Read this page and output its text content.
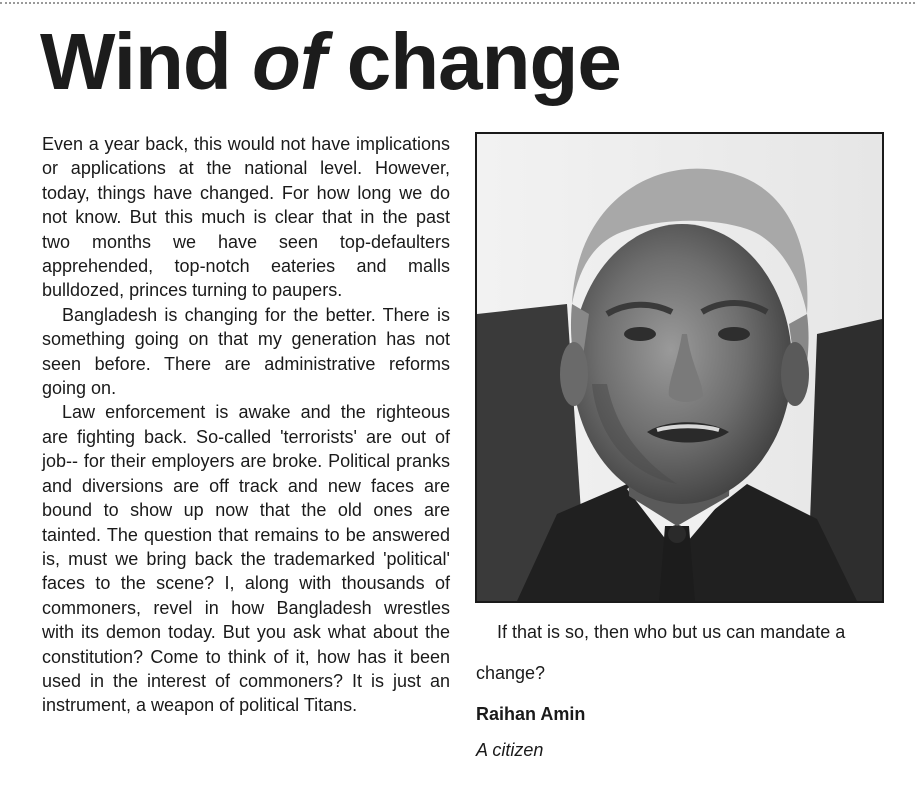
Wind of change

Even a year back, this would not have implications or applications at the national level. However, today, things have changed. For how long we do not know. But this much is clear that in the past two months we have seen top-defaulters apprehended, top-notch eateries and malls bulldozed, princes turning to paupers.

Bangladesh is changing for the better. There is something going on that my generation has not seen before. There are administrative reforms going on.

Law enforcement is awake and the righteous are fighting back. So-called 'terrorists' are out of job-- for their employers are broke. Political pranks and diversions are off track and new faces are bound to show up now that the old ones are tainted. The question that remains to be answered is, must we bring back the trademarked 'political' faces to the scene? I, along with thousands of commoners, revel in how Bangladesh wrestles with its demon today. But you ask what about the constitution? Come to think of it, how has it been used in the interest of commoners? It is just an instrument, a weapon of political Titans.

If that is so, then who but us can mandate a

change?

Raihan Amin

A citizen
